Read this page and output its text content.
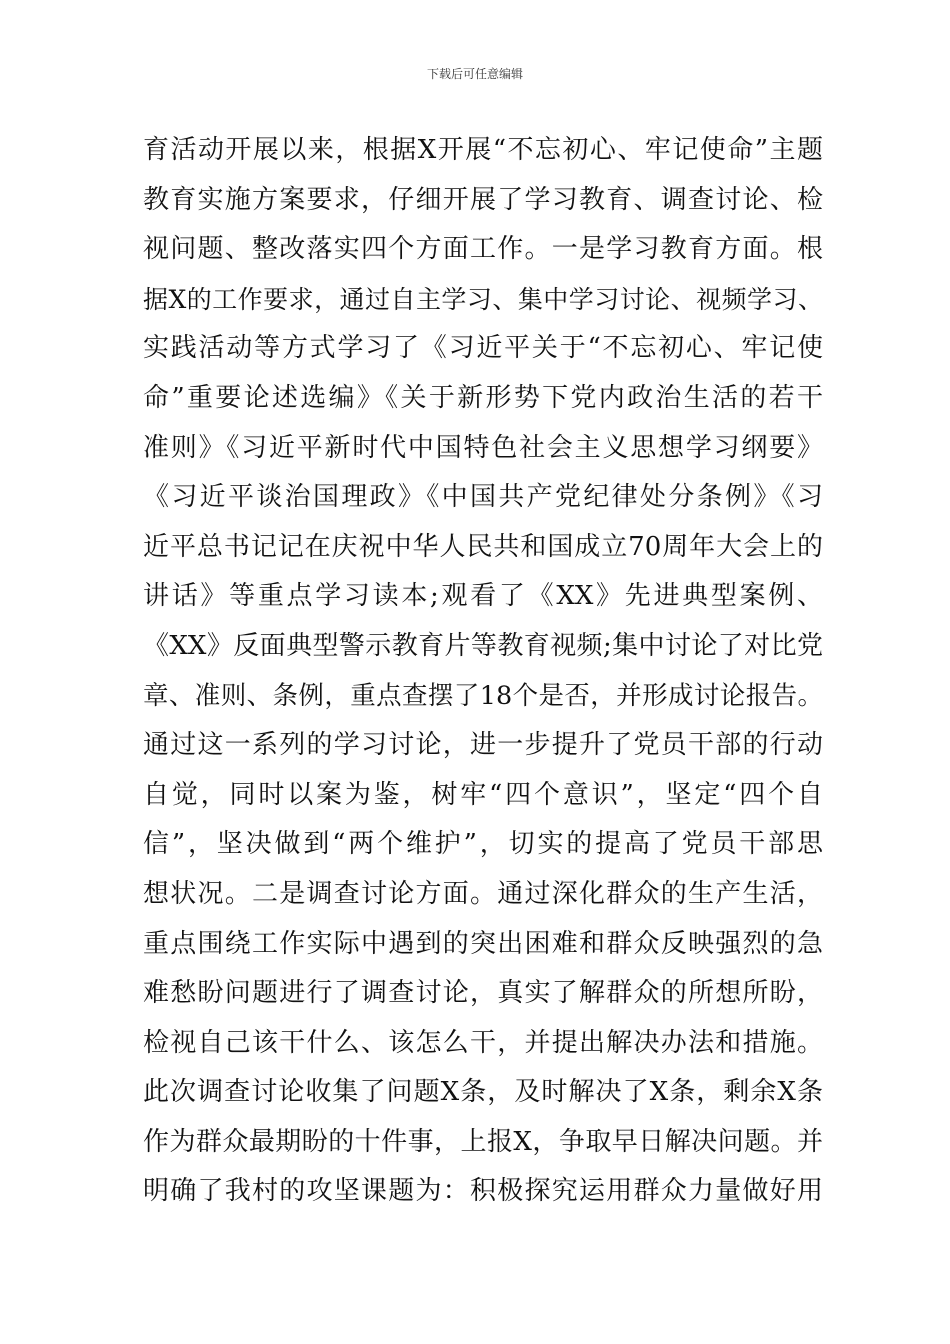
下载后可任意编辑
育活动开展以来，根据X开展“不忘初心、牢记使命”主题
教育实施方案要求，仔细开展了学习教育、调查讨论、检
视问题、整改落实四个方面工作。一是学习教育方面。根
据X的工作要求，通过自主学习、集中学习讨论、视频学习、
实践活动等方式学习了《习近平关于“不忘初心、牢记使
命”重要论述选编》《关于新形势下党内政治生活的若干
准则》《习近平新时代中国特色社会主义思想学习纲要》
《习近平谈治国理政》《中国共产党纪律处分条例》《习
近平总书记记在庆祝中华人民共和国成立70周年大会上的
讲话》等重点学习读本;观看了《XX》先进典型案例、
《XX》反面典型警示教育片等教育视频;集中讨论了对比党
章、准则、条例，重点查摆了18个是否，并形成讨论报告。
通过这一系列的学习讨论，进一步提升了党员干部的行动
自觉，同时以案为鉴，树牢“四个意识”，坚定“四个自
信”，坚决做到“两个维护”，切实的提高了党员干部思
想状况。二是调查讨论方面。通过深化群众的生产生活，
重点围绕工作实际中遇到的突出困难和群众反映强烈的急
难愁盼问题进行了调查讨论，真实了解群众的所想所盼，
检视自己该干什么、该怎么干，并提出解决办法和措施。
此次调查讨论收集了问题X条，及时解决了X条，剩余X条
作为群众最期盼的十件事，上报X，争取早日解决问题。并
明确了我村的攻坚课题为：积极探究运用群众力量做好用
